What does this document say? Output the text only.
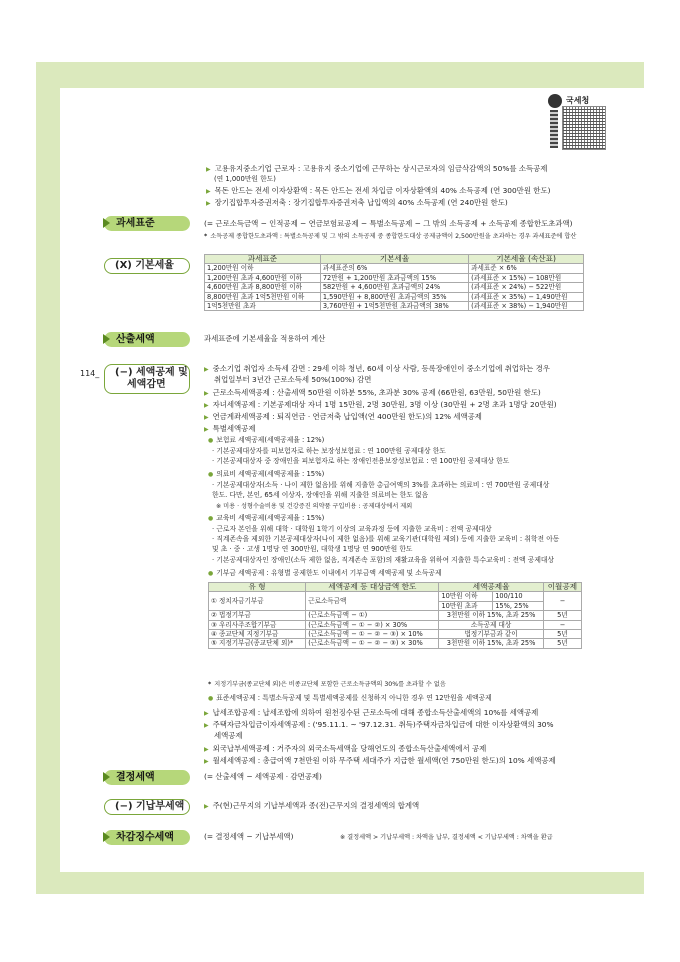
국세청
▶ 고용유지중소기업 근로자 : 고용유지 중소기업에 근무하는 상시근로자의 임금삭감액의 50%를 소득공제
(연 1,000만원 한도)
▶ 목돈 안드는 전세 이자상환액 : 목돈 안드는 전세 차입금 이자상환액의 40% 소득공제 (연 300만원 한도)
▶ 장기집합투자증권저축 : 장기집합투자증권저축 납입액의 40% 소득공제 (연 240만원 한도)
과세표준	(= 근로소득금액 − 인적공제 − 연금보험료공제 − 특별소득공제 − 그 밖의 소득공제 + 소득공제 종합한도초과액)
* 소득공제 종합한도초과액 : 특별소득공제 및 그 밖의 소득공제 중 종합한도대상 공제금액이 2,500만원을 초과하는 경우 과세표준에 합산
(X) 기본세율
과세표준	기본세율	기본세율 (속산표)
1,200만원 이하	과세표준의 6%	과세표준 × 6%
1,200만원 초과 4,600만원 이하	72만원 + 1,200만원 초과금액의 15%	(과세표준 × 15%) − 108만원
4,600만원 초과 8,800만원 이하	582만원 + 4,600만원 초과금액의 24%	(과세표준 × 24%) − 522만원
8,800만원 초과 1억5천만원 이하	1,590만원 + 8,800만원 초과금액의 35%	(과세표준 × 35%) − 1,490만원
1억5천만원 초과	3,760만원 + 1억5천만원 초과금액의 38%	(과세표준 × 38%) − 1,940만원
산출세액	과세표준에 기본세율을 적용하여 계산
114_ (−) 세액공제 및
세액감면
▶ 중소기업 취업자 소득세 감면 : 29세 이하 청년, 60세 이상 사람, 등록장애인이 중소기업에 취업하는 경우
취업일부터 3년간 근로소득세 50%(100%) 감면
▶ 근로소득세액공제 : 산출세액 50만원 이하분 55%, 초과분 30% 공제 (66만원, 63만원, 50만원 한도)
▶ 자녀세액공제 : 기본공제대상 자녀 1명 15만원, 2명 30만원, 3명 이상 (30만원 + 2명 초과 1명당 20만원)
▶ 연금계좌세액공제 : 퇴직연금 · 연금저축 납입액(연 400만원 한도)의 12% 세액공제
▶ 특별세액공제
● 보험료 세액공제(세액공제율 : 12%)
· 기본공제대상자를 피보험자로 하는 보장성보험료 : 연 100만원 공제대상 한도
· 기본공제대상자 중 장애인을 피보험자로 하는 장애인전용보장성보험료 : 연 100만원 공제대상 한도
● 의료비 세액공제(세액공제율 : 15%)
· 기본공제대상자(소득 · 나이 제한 없음)를 위해 지출한 총급여액의 3%를 초과하는 의료비 : 연 700만원 공제대상
한도. 다만, 본인, 65세 이상자, 장애인을 위해 지출한 의료비는 한도 없음
※ 미용 · 성형수술비용 및 건강증진 의약품 구입비용 : 공제대상에서 제외
● 교육비 세액공제(세액공제율 : 15%)
· 근로자 본인을 위해 대학 · 대학원 1학기 이상의 교육과정 등에 지출한 교육비 : 전액 공제대상
· 직계존속을 제외한 기본공제대상자(나이 제한 없음)를 위해 교육기관(대학원 제외) 등에 지출한 교육비 : 취학전 아동
및 초 · 중 · 고생 1명당 연 300만원, 대학생 1명당 연 900만원 한도
· 기본공제대상자인 장애인(소득 제한 없음, 직계존속 포함)의 재활교육을 위하여 지출한 특수교육비 : 전액 공제대상
● 기부금 세액공제 : 유형별 공제한도 이내에서 기부금액 세액공제 및 소득공제
유 형	세액공제 등 대상금액 한도	세액공제율		이월공제
① 정치자금기부금	근로소득금액	10만원 이하	100/110	−
		10만원 초과	15%, 25%	
② 법정기부금	(근로소득금액 − ①)	3천만원 이하 15%, 초과 25%		5년
③ 우리사주조합기부금	(근로소득금액 − ① − ②) × 30%	소득공제 대상		−
④ 종교단체 지정기부금	(근로소득금액 − ① − ② − ③) × 10%	법정기부금과 같이		5년
⑤ 지정기부금(종교단체 외)*	(근로소득금액 − ① − ② − ③) × 30%	3천만원 이하 15%, 초과 25%		5년
* 지정기부금(종교단체 외)은 비종교단체 포함한 근로소득금액의 30%를 초과할 수 없음
● 표준세액공제 : 특별소득공제 및 특별세액공제를 신청하지 아니한 경우 연 12만원을 세액공제
▶ 납세조합공제 : 납세조합에 의하여 원천징수된 근로소득에 대해 종합소득산출세액의 10%를 세액공제
▶ 주택자금차입금이자세액공제 : ('95.11.1. ~ '97.12.31. 취득)주택자금차입금에 대한 이자상환액의 30%
세액공제
▶ 외국납부세액공제 : 거주자의 외국소득세액을 당해연도의 종합소득산출세액에서 공제
▶ 월세세액공제 : 총급여액 7천만원 이하 무주택 세대주가 지급한 월세액(연 750만원 한도)의 10% 세액공제
결정세액	(= 산출세액 − 세액공제 · 감면공제)
(−) 기납부세액	▶ 주(현)근무지의 기납부세액과 종(전)근무지의 결정세액의 합계액
차감징수세액	(= 결정세액 − 기납부세액)	※ 결정세액 > 기납부세액 : 차액을 납부, 결정세액 < 기납부세액 : 차액을 환급
